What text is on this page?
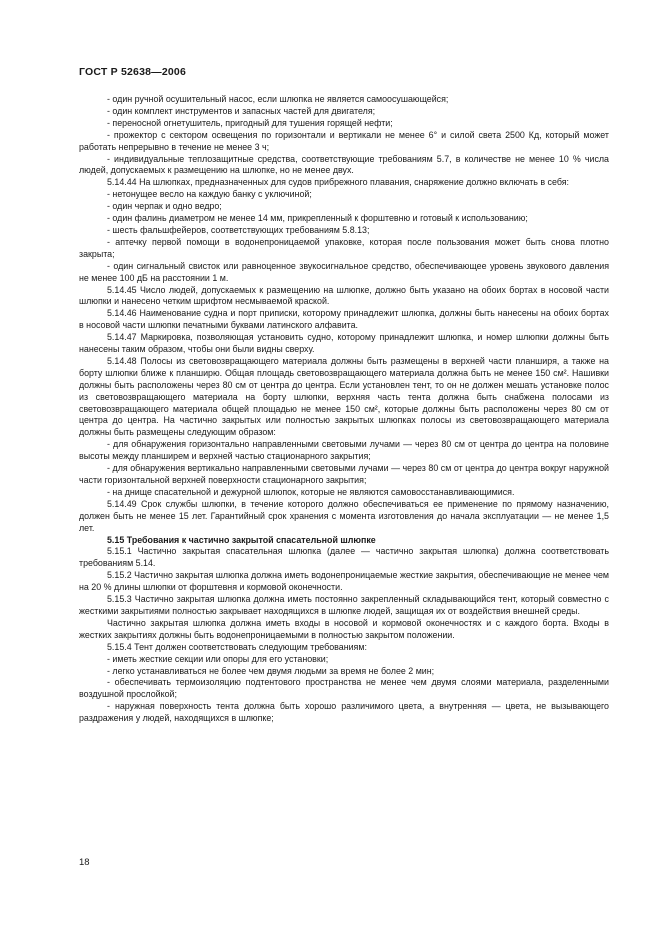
ГОСТ Р 52638—2006
- один ручной осушительный насос, если шлюпка не является самоосушающейся;
- один комплект инструментов и запасных частей для двигателя;
- переносной огнетушитель, пригодный для тушения горящей нефти;
- прожектор с сектором освещения по горизонтали и вертикали не менее 6° и силой света 2500 Кд, который может работать непрерывно в течение не менее 3 ч;
- индивидуальные теплозащитные средства, соответствующие требованиям 5.7, в количестве не менее 10 % числа людей, допускаемых к размещению на шлюпке, но не менее двух.
5.14.44 На шлюпках, предназначенных для судов прибрежного плавания, снаряжение должно включать в себя:
- нетонущее весло на каждую банку с уключиной;
- один черпак и одно ведро;
- один фалинь диаметром не менее 14 мм, прикрепленный к форштевню и готовый к использованию;
- шесть фальшфейеров, соответствующих требованиям 5.8.13;
- аптечку первой помощи в водонепроницаемой упаковке, которая после пользования может быть снова плотно закрыта;
- один сигнальный свисток или равноценное звукосигнальное средство, обеспечивающее уровень звукового давления не менее 100 дБ на расстоянии 1 м.
5.14.45 Число людей, допускаемых к размещению на шлюпке, должно быть указано на обоих бортах в носовой части шлюпки и нанесено четким шрифтом несмываемой краской.
5.14.46 Наименование судна и порт приписки, которому принадлежит шлюпка, должны быть нанесены на обоих бортах в носовой части шлюпки печатными буквами латинского алфавита.
5.14.47 Маркировка, позволяющая установить судно, которому принадлежит шлюпка, и номер шлюпки должны быть нанесены таким образом, чтобы они были видны сверху.
5.14.48 Полосы из световозвращающего материала должны быть размещены в верхней части планширя, а также на борту шлюпки ближе к планширю. Общая площадь световозвращающего материала должна быть не менее 150 см². Нашивки должны быть расположены через 80 см от центра до центра. Если установлен тент, то он не должен мешать установке полос из световозвращающего материала на борту шлюпки, верхняя часть тента должна быть снабжена полосами из световозвращающего материала общей площадью не менее 150 см², которые должны быть расположены через 80 см от центра до центра. На частично закрытых или полностью закрытых шлюпках полосы из световозвращающего материала должны быть размещены следующим образом:
- для обнаружения горизонтально направленными световыми лучами — через 80 см от центра до центра на половине высоты между планширем и верхней частью стационарного закрытия;
- для обнаружения вертикально направленными световыми лучами — через 80 см от центра до центра вокруг наружной части горизонтальной верхней поверхности стационарного закрытия;
- на днище спасательной и дежурной шлюпок, которые не являются самовосстанавливающимися.
5.14.49 Срок службы шлюпки, в течение которого должно обеспечиваться ее применение по прямому назначению, должен быть не менее 15 лет. Гарантийный срок хранения с момента изготовления до начала эксплуатации — не менее 1,5 лет.
5.15 Требования к частично закрытой спасательной шлюпке
5.15.1 Частично закрытая спасательная шлюпка (далее — частично закрытая шлюпка) должна соответствовать требованиям 5.14.
5.15.2 Частично закрытая шлюпка должна иметь водонепроницаемые жесткие закрытия, обеспечивающие не менее чем на 20 % длины шлюпки от форштевня и кормовой оконечности.
5.15.3 Частично закрытая шлюпка должна иметь постоянно закрепленный складывающийся тент, который совместно с жесткими закрытиями полностью закрывает находящихся в шлюпке людей, защищая их от воздействия внешней среды.
Частично закрытая шлюпка должна иметь входы в носовой и кормовой оконечностях и с каждого борта. Входы в жестких закрытиях должны быть водонепроницаемыми в полностью закрытом положении.
5.15.4 Тент должен соответствовать следующим требованиям:
- иметь жесткие секции или опоры для его установки;
- легко устанавливаться не более чем двумя людьми за время не более 2 мин;
- обеспечивать термоизоляцию подтентового пространства не менее чем двумя слоями материала, разделенными воздушной прослойкой;
- наружная поверхность тента должна быть хорошо различимого цвета, а внутренняя — цвета, не вызывающего раздражения у людей, находящихся в шлюпке;
18
